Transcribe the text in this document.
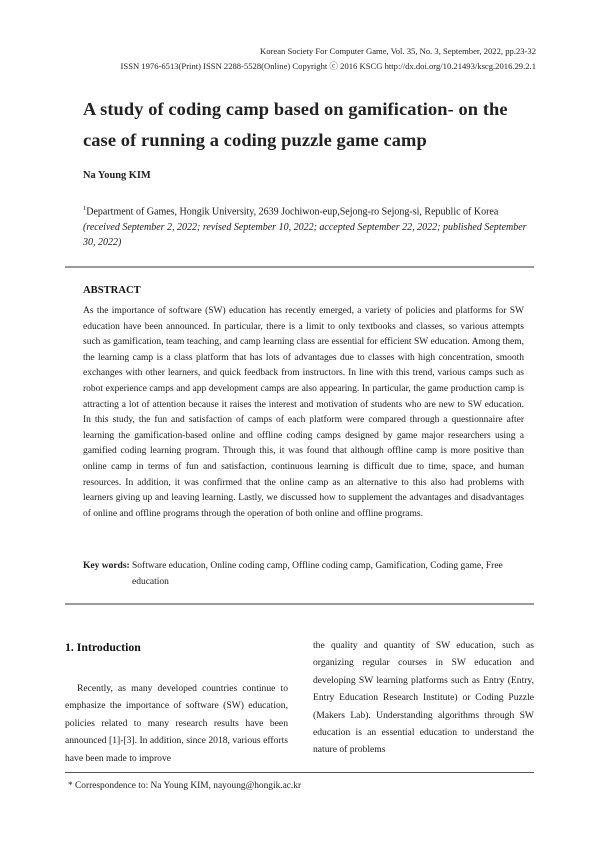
Korean Society For Computer Game, Vol. 35, No. 3, September, 2022, pp.23-32
ISSN 1976-6513(Print) ISSN 2288-5528(Online) Copyright ⓒ 2016 KSCG http://dx.doi.org/10.21493/kscg.2016.29.2.1
A study of coding camp based on gamification- on the case of running a coding puzzle game camp
Na Young KIM
$^1$Department of Games, Hongik University, 2639 Jochiwon-eup,Sejong-ro Sejong-si, Republic of Korea
(received September 2, 2022; revised September 10, 2022; accepted September 22, 2022; published September 30, 2022)
ABSTRACT
As the importance of software (SW) education has recently emerged, a variety of policies and platforms for SW education have been announced. In particular, there is a limit to only textbooks and classes, so various attempts such as gamification, team teaching, and camp learning class are essential for efficient SW education. Among them, the learning camp is a class platform that has lots of advantages due to classes with high concentration, smooth exchanges with other learners, and quick feedback from instructors. In line with this trend, various camps such as robot experience camps and app development camps are also appearing. In particular, the game production camp is attracting a lot of attention because it raises the interest and motivation of students who are new to SW education. In this study, the fun and satisfaction of camps of each platform were compared through a questionnaire after learning the gamification-based online and offline coding camps designed by game major researchers using a gamified coding learning program. Through this, it was found that although offline camp is more positive than online camp in terms of fun and satisfaction, continuous learning is difficult due to time, space, and human resources. In addition, it was confirmed that the online camp as an alternative to this also had problems with learners giving up and leaving learning. Lastly, we discussed how to supplement the advantages and disadvantages of online and offline programs through the operation of both online and offline programs.
Key words: Software education, Online coding camp, Offline coding camp, Gamification, Coding game, Free education
1. Introduction
Recently, as many developed countries continue to emphasize the importance of software (SW) education, policies related to many research results have been announced [1]-[3]. In addition, since 2018, various efforts have been made to improve
the quality and quantity of SW education, such as organizing regular courses in SW education and developing SW learning platforms such as Entry (Entry, Entry Education Research Institute) or Coding Puzzle (Makers Lab). Understanding algorithms through SW education is an essential education to understand the nature of problems
* Correspondence to: Na Young KIM, nayoung@hongik.ac.kr
